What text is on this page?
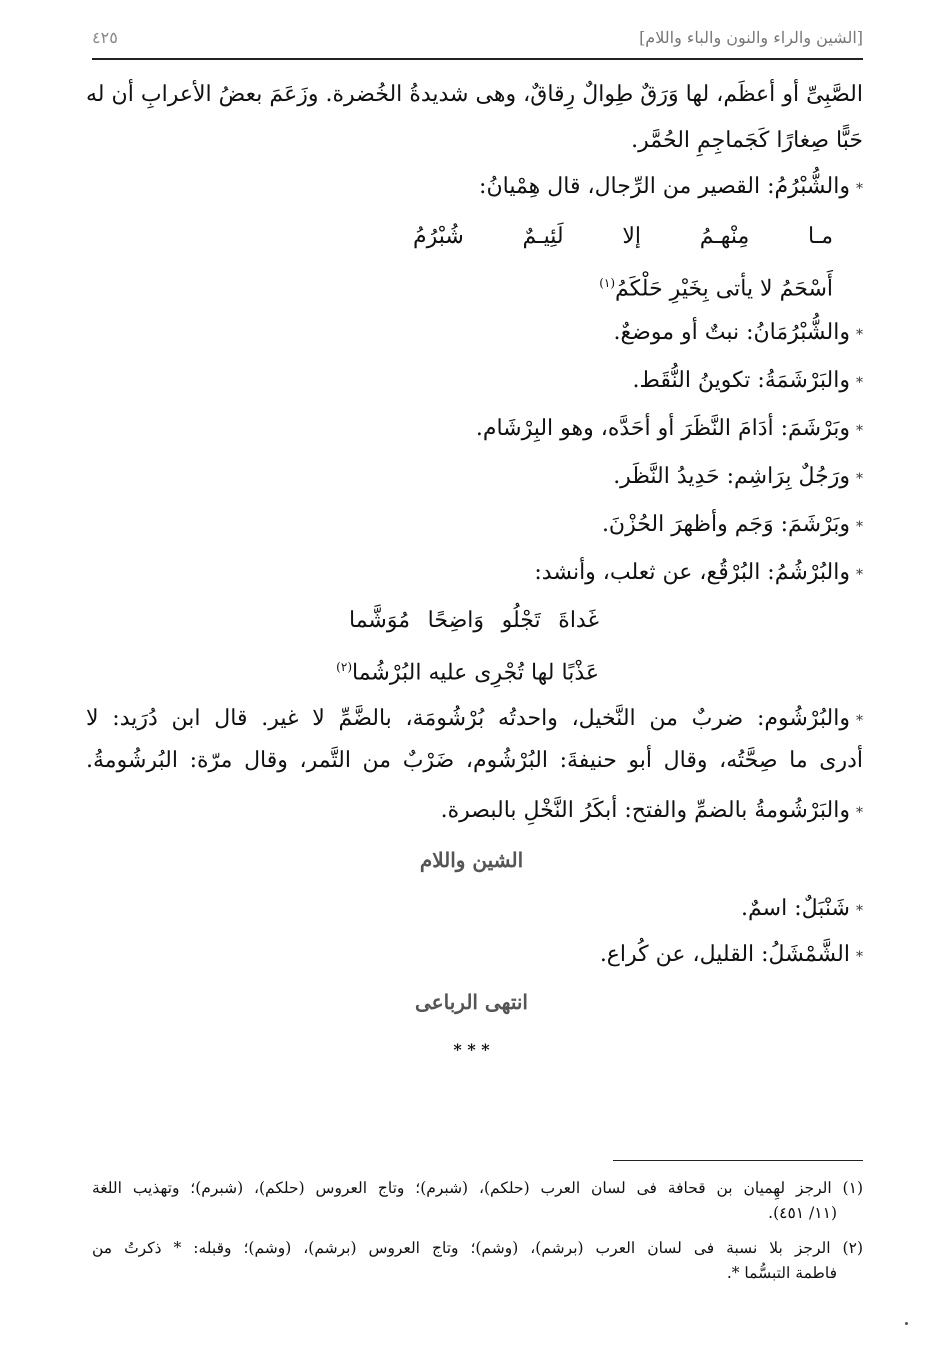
٤٢٥	[الشين والراء والنون والباء واللام]
الصَّبِىِّ أو أعظَم، لها وَرَقٌ طِوالٌ رِقاقٌ، وهى شديدةُ الخُضرة. وزَعَمَ بعضُ الأعرابِ أن له
حَبًّا صِغارًا كَجَماجِمِ الحُمَّر.
*والشُّبْرُمُ: القصير من الرِّجال، قال هِمْيانُ:
مـا مِنْهـمُ إلا لَئِيـمٌ شُبْرُمُ
أَسْحَمُ لا يأتى بِخَيْرِ حَلْكَمُ$^{(١)}$
*والشُّبْرُمَانُ: نبتٌ أو موضعٌ.
*والبَرْشَمَةُ: تكوينُ النُّقَط.
*وبَرْشَمَ: أدَامَ النَّظَرَ أو أحَدَّه، وهو البِرْشَام.
*ورَجُلٌ بِرَاشِم: حَدِيدُ النَّظَر.
*وبَرْشَمَ: وَجَم وأظهرَ الحُزْنَ.
*والبُرْشُمُ: البُرْقُع، عن ثعلب، وأنشد:
غَداةَ تَجْلُو وَاضِحًا مُوَشَّما
عَذْبًا لها تُجْرِى عليه البُرْشُما$^{(٢)}$
*والبُرْشُوم: ضربٌ من النَّخيل، واحدتُه بُرْشُومَة، بالضَّمِّ لا غير. قال ابن دُرَيد: لا
أدرى ما صِحَّتُه، وقال أبو حنيفةَ: البُرْشُوم، ضَرْبٌ من التَّمر، وقال مرّة: البُرشُومةُ.
*والبَرْشُومةُ بالضمِّ والفتح: أبكَرُ النَّخْلِ بالبصرة.
الشين واللام
*شَنْبَلٌ: اسمٌ.
*الشَّمْشَلُ: القليل، عن كُراع.
انتهى الرباعى
* * *
(١) الرجز لهِميان بن قحافة فى لسان العرب (حلكم)، (شبرم)؛ وتاج العروس (حلكم)، (شبرم)؛ وتهذيب اللغة
(١١/ ٤٥١).
(٢) الرجز بلا نسبة فى لسان العرب (برشم)، (وشم)؛ وتاج العروس (برشم)، (وشم)؛ وقبله: * ذكرتُ من
فاطمة التبسُّما *.
